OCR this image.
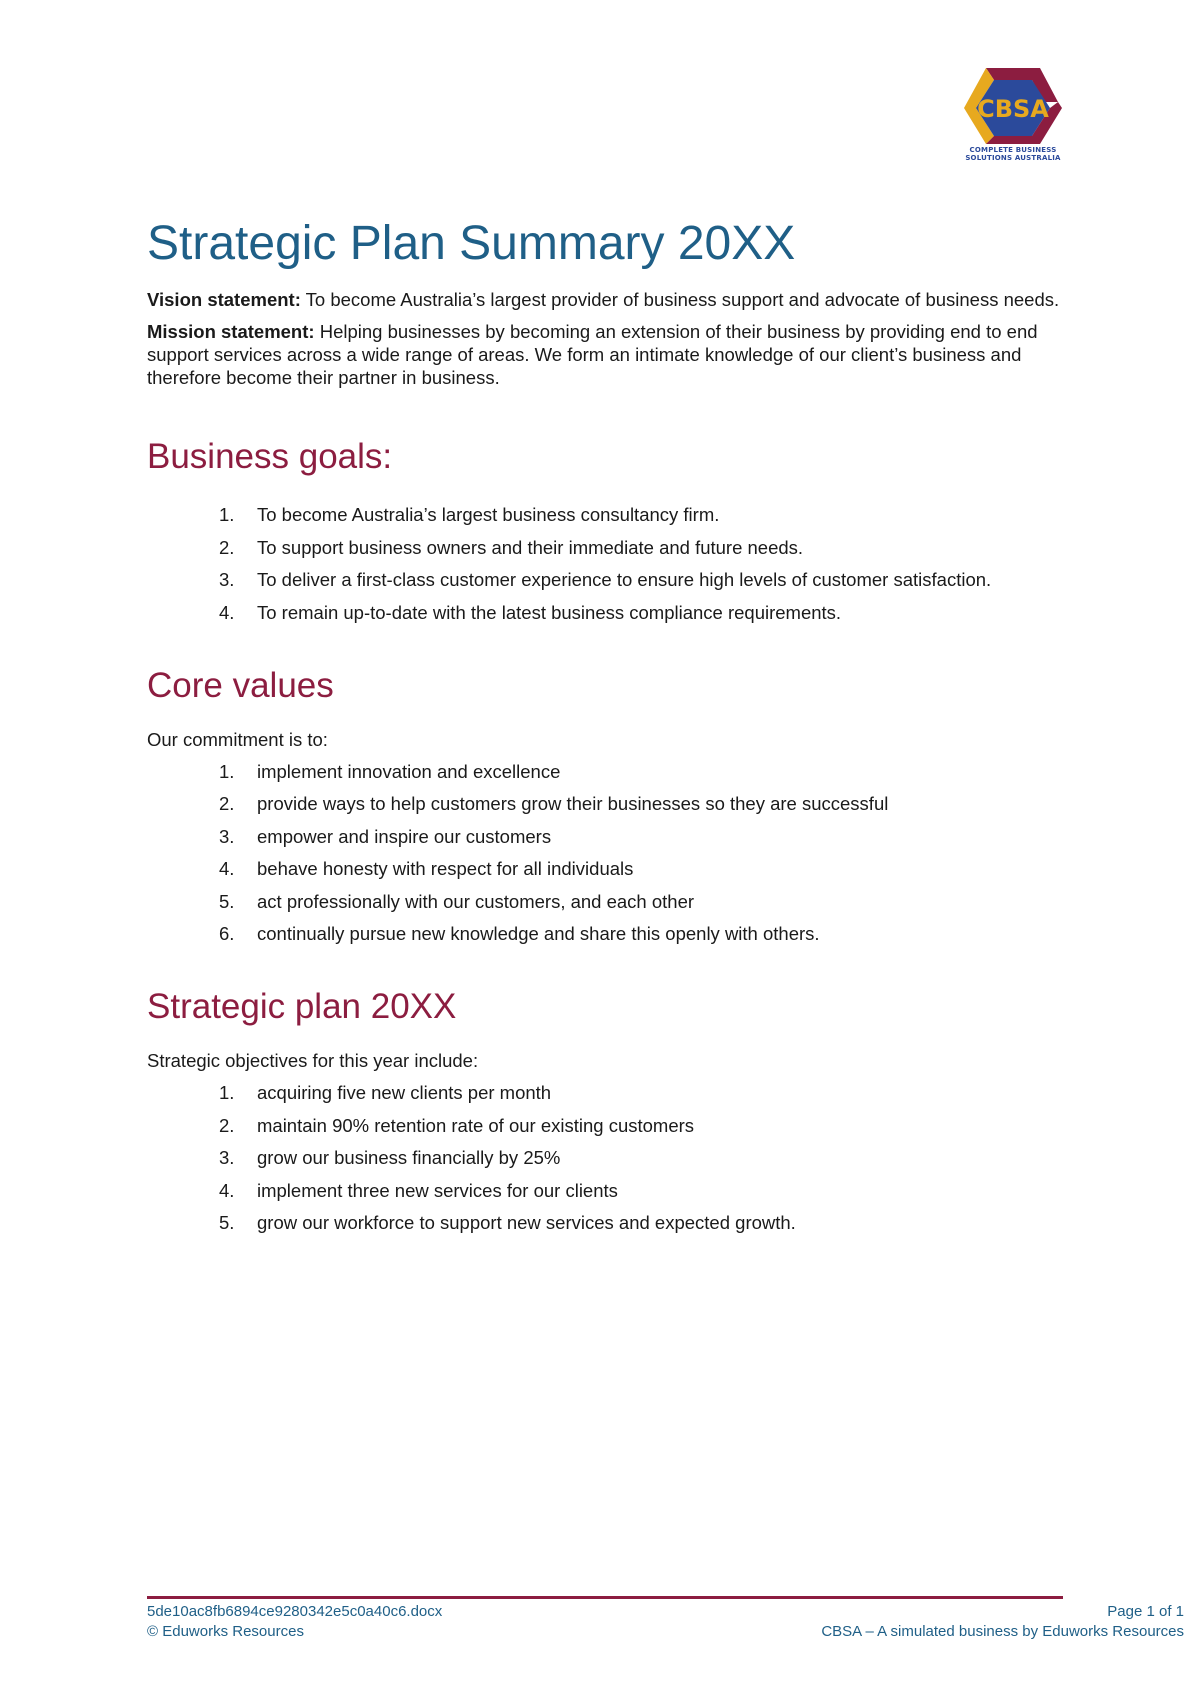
CBSA
COMPLETE BUSINESS
SOLUTIONS AUSTRALIA
Strategic Plan Summary 20XX

Vision statement: To become Australia’s largest provider of business support and advocate of business needs.

Mission statement: Helping businesses by becoming an extension of their business by providing end to end support services across a wide range of areas. We form an intimate knowledge of our client’s business and therefore become their partner in business.

Business goals:
1.	To become Australia’s largest business consultancy firm.
2.	To support business owners and their immediate and future needs.
3.	To deliver a first-class customer experience to ensure high levels of customer satisfaction.
4.	To remain up-to-date with the latest business compliance requirements.
Core values

Our commitment is to:

1.	implement innovation and excellence
2.	provide ways to help customers grow their businesses so they are successful
3.	empower and inspire our customers
4.	behave honesty with respect for all individuals
5.	act professionally with our customers, and each other
6.	continually pursue new knowledge and share this openly with others.
Strategic plan 20XX

Strategic objectives for this year include:

1.	acquiring five new clients per month
2.	maintain 90% retention rate of our existing customers
3.	grow our business financially by 25%
4.	implement three new services for our clients
5.	grow our workforce to support new services and expected growth.
5de10ac8fb6894ce9280342e5c0a40c6.docx	Page 1 of 1
© Eduworks Resources	CBSA – A simulated business by Eduworks Resources
